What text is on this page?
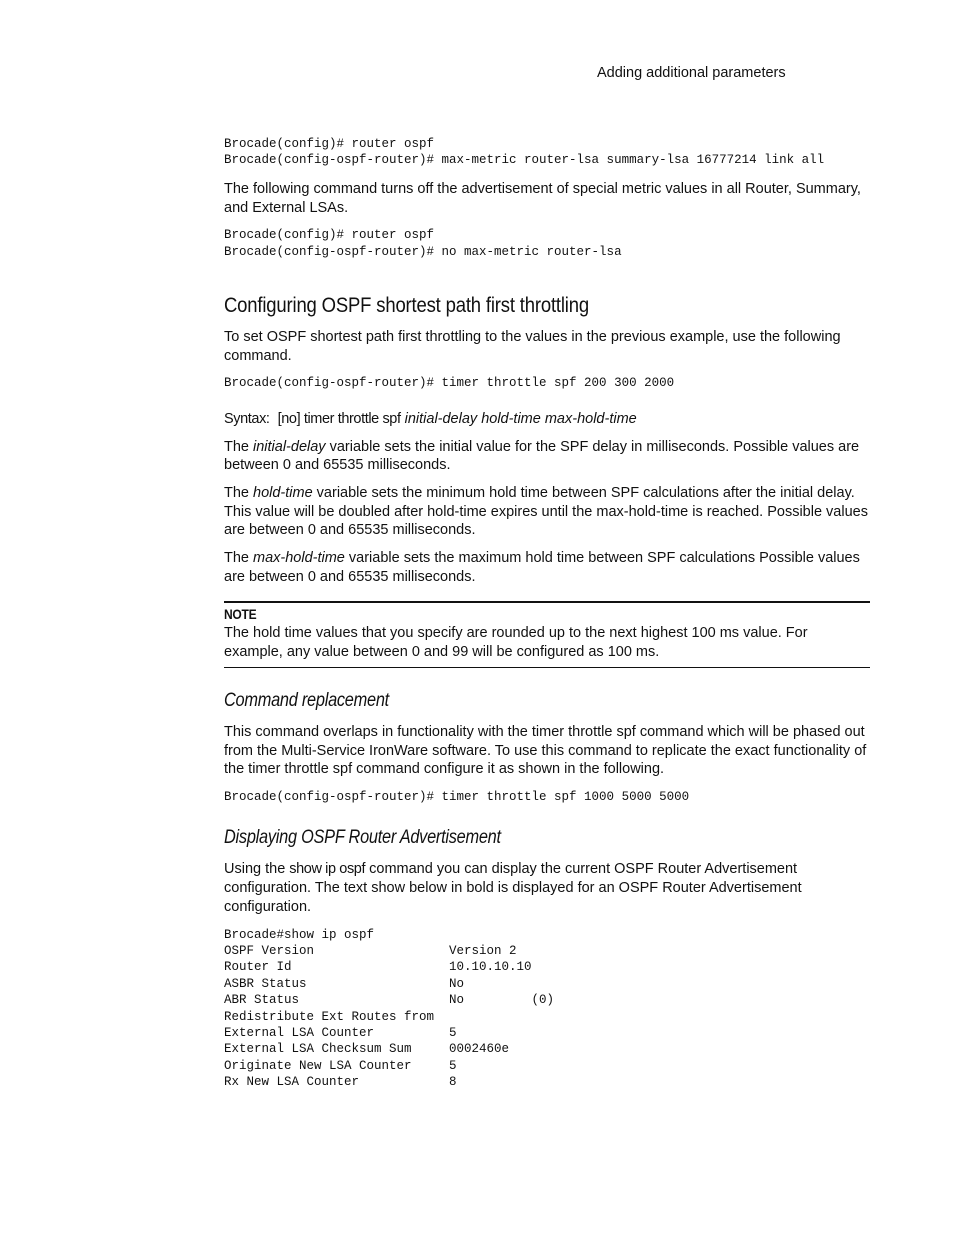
Adding additional parameters
Brocade(config)# router ospf
Brocade(config-ospf-router)# max-metric router-lsa summary-lsa 16777214 link all

The following command turns off the advertisement of special metric values in all Router, Summary, and External LSAs.

Brocade(config)# router ospf
Brocade(config-ospf-router)# no max-metric router-lsa
Configuring OSPF shortest path first throttling

To set OSPF shortest path first throttling to the values in the previous example, use the following command.

Brocade(config-ospf-router)# timer throttle spf 200 300 2000

Syntax: [no] timer throttle spf initial-delay hold-time max-hold-time

The initial-delay variable sets the initial value for the SPF delay in milliseconds. Possible values are between 0 and 65535 milliseconds.

The hold-time variable sets the minimum hold time between SPF calculations after the initial delay. This value will be doubled after hold-time expires until the max-hold-time is reached. Possible values are between 0 and 65535 milliseconds.

The max-hold-time variable sets the maximum hold time between SPF calculations Possible values are between 0 and 65535 milliseconds.

NOTE

The hold time values that you specify are rounded up to the next highest 100 ms value. For example, any value between 0 and 99 will be configured as 100 ms.

Command replacement

This command overlaps in functionality with the timer throttle spf command which will be phased out from the Multi-Service IronWare software. To use this command to replicate the exact functionality of the timer throttle spf command configure it as shown in the following.

Brocade(config-ospf-router)# timer throttle spf 1000 5000 5000
Displaying OSPF Router Advertisement

Using the show ip ospf command you can display the current OSPF Router Advertisement configuration. The text show below in bold is displayed for an OSPF Router Advertisement configuration.

Brocade#show ip ospf
OSPF Version                  Version 2
Router Id                     10.10.10.10
ASBR Status                   No
ABR Status                    No         (0)
Redistribute Ext Routes from
External LSA Counter          5
External LSA Checksum Sum     0002460e
Originate New LSA Counter     5
Rx New LSA Counter            8
